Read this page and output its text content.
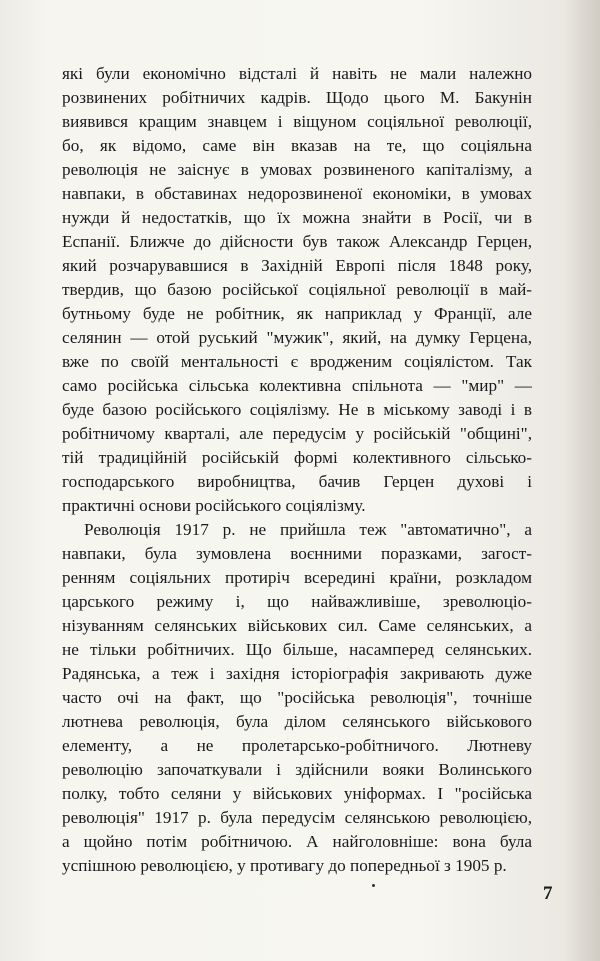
які були економічно відсталі й навіть не мали належно
розвинених робітничих кадрів. Щодо цього М. Бакунін
виявився кращим знавцем і віщуном соціяльної революції,
бо, як відомо, саме він вказав на те, що соціяльна
революція не заіснує в умовах розвиненого капіталізму, а
навпаки, в обставинах недорозвиненої економіки, в умовах
нужди й недостатків, що їх можна знайти в Росії, чи в
Еспанії. Ближче до дійсности був також Александр Герцен,
який розчарувавшися в Західній Европі після 1848 року,
твердив, що базою російської соціяльної революції в май-
бутньому буде не робітник, як наприклад у Франції, але
селянин — отой руський "мужик", який, на думку Герцена,
вже по своїй ментальності є вродженим соціялістом. Так
само російська сільська колективна спільнота — "мир" —
буде базою російського соціялізму. Не в міському заводі і в
робітничому кварталі, але передусім у російській "общині",
тій традиційній російській формі колективного сільсько-
господарського виробництва, бачив Герцен духові і
практичні основи російського соціялізму.
Революція 1917 р. не прийшла теж "автоматично", а
навпаки, була зумовлена воєнними поразками, загост-
ренням соціяльних протиріч всередині країни, розкладом
царського режиму і, що найважливіше, зреволюціо-
нізуванням селянських військових сил. Саме селянських, а
не тільки робітничих. Що більше, насамперед селянських.
Радянська, а теж і західня історіографія закривають дуже
часто очі на факт, що "російська революція", точніше
лютнева революція, була ділом селянського військового
елементу, а не пролетарсько-робітничого. Лютневу
революцію започаткували і здійснили вояки Волинського
полку, тобто селяни у військових уніформах. І "російська
революція" 1917 р. була передусім селянською революцією,
а щойно потім робітничою. А найголовніше: вона була
успішною революцією, у противагу до попередньої з 1905 р.
7
